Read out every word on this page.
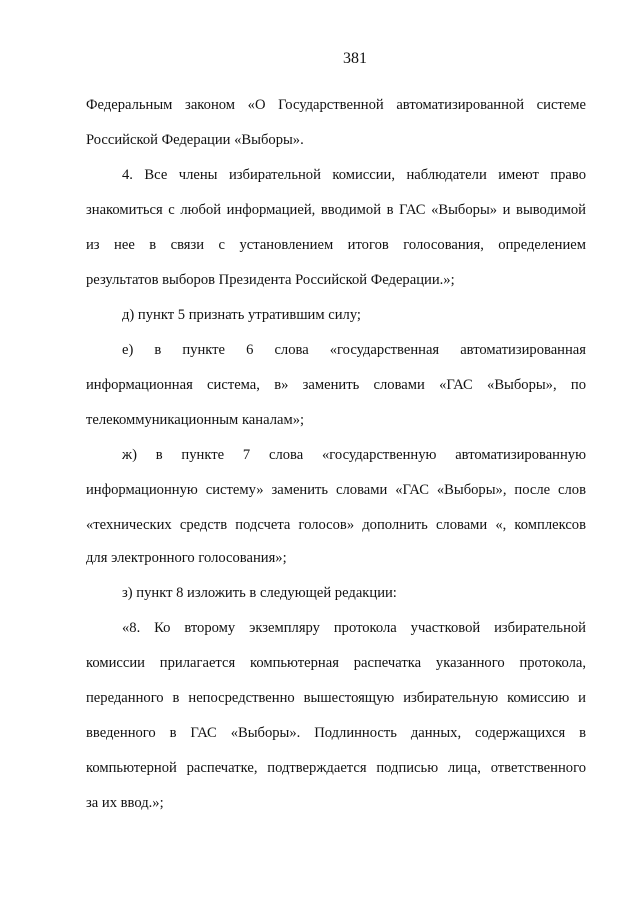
381
Федеральным законом «О Государственной автоматизированной системе
Российской Федерации «Выборы».
4. Все члены избирательной комиссии, наблюдатели имеют право
знакомиться с любой информацией, вводимой в ГАС «Выборы» и выводимой
из нее в связи с установлением итогов голосования, определением
результатов выборов Президента Российской Федерации.»;
д) пункт 5 признать утратившим силу;
е) в пункте 6 слова «государственная автоматизированная
информационная система, в» заменить словами «ГАС «Выборы», по
телекоммуникационным каналам»;
ж) в пункте 7 слова «государственную автоматизированную
информационную систему» заменить словами «ГАС «Выборы», после слов
«технических средств подсчета голосов» дополнить словами «, комплексов
для электронного голосования»;
з) пункт 8 изложить в следующей редакции:
«8. Ко второму экземпляру протокола участковой избирательной
комиссии прилагается компьютерная распечатка указанного протокола,
переданного в непосредственно вышестоящую избирательную комиссию и
введенного в ГАС «Выборы». Подлинность данных, содержащихся в
компьютерной распечатке, подтверждается подписью лица, ответственного
за их ввод.»;
